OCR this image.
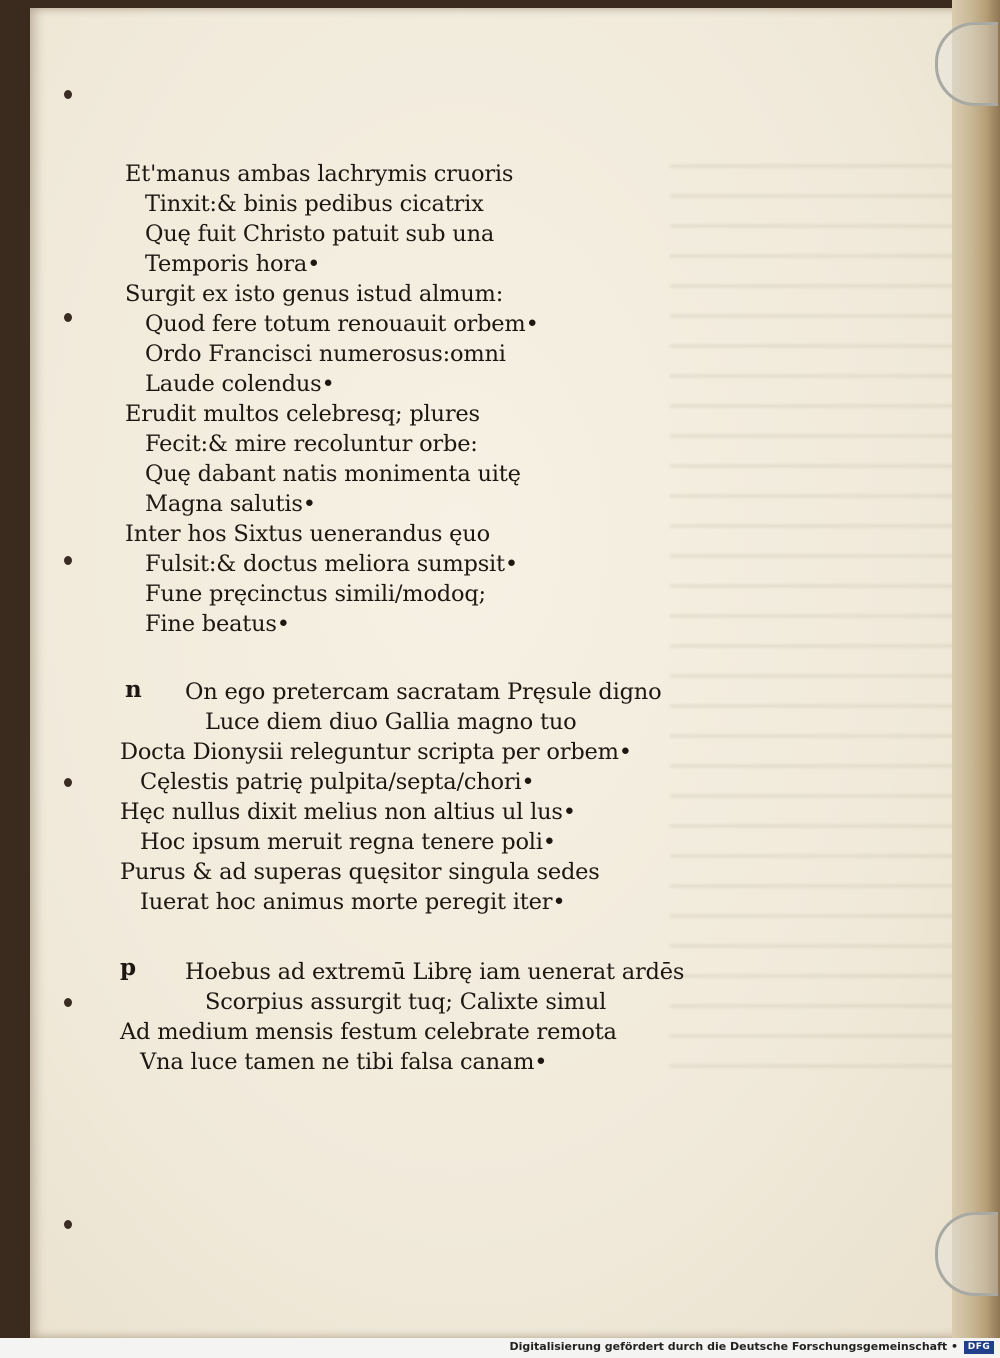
Et'manus ambas lachrymis cruoris
Tinxit:& binis pedibus cicatrix
Quę fuit Christo patuit sub una
Temporis hora•
Surgit ex isto genus istud almum:
Quod fere totum renouauit orbem•
Ordo Francisci numerosus:omni
Laude colendus•
Erudit multos celebresq; plures
Fecit:& mire recoluntur orbe:
Quę dabant natis monimenta uitę
Magna salutis•
Inter hos Sixtus uenerandus ęuo
Fulsit:& doctus meliora sumpsit•
Fune pręcinctus simili/modoq;
Fine beatus•
n On ego pretercam sacratam Pręsule digno
Luce diem diuo Gallia magno tuo
Docta Dionysii releguntur scripta per orbem•
Cęlestis patrię pulpita/septa/chori•
Hęc nullus dixit melius non altius ul lus•
Hoc ipsum meruit regna tenere poli•
Purus & ad superas quęsitor singula sedes
Iuerat hoc animus morte peregit iter•
p Hoebus ad extremū Librę iam uenerat ardēs
Scorpius assurgit tuq; Calixte simul
Ad medium mensis festum celebrate remota
Vna luce tamen ne tibi falsa canam•
Digitalisierung gefördert durch die Deutsche Forschungsgemeinschaft •	DFG
